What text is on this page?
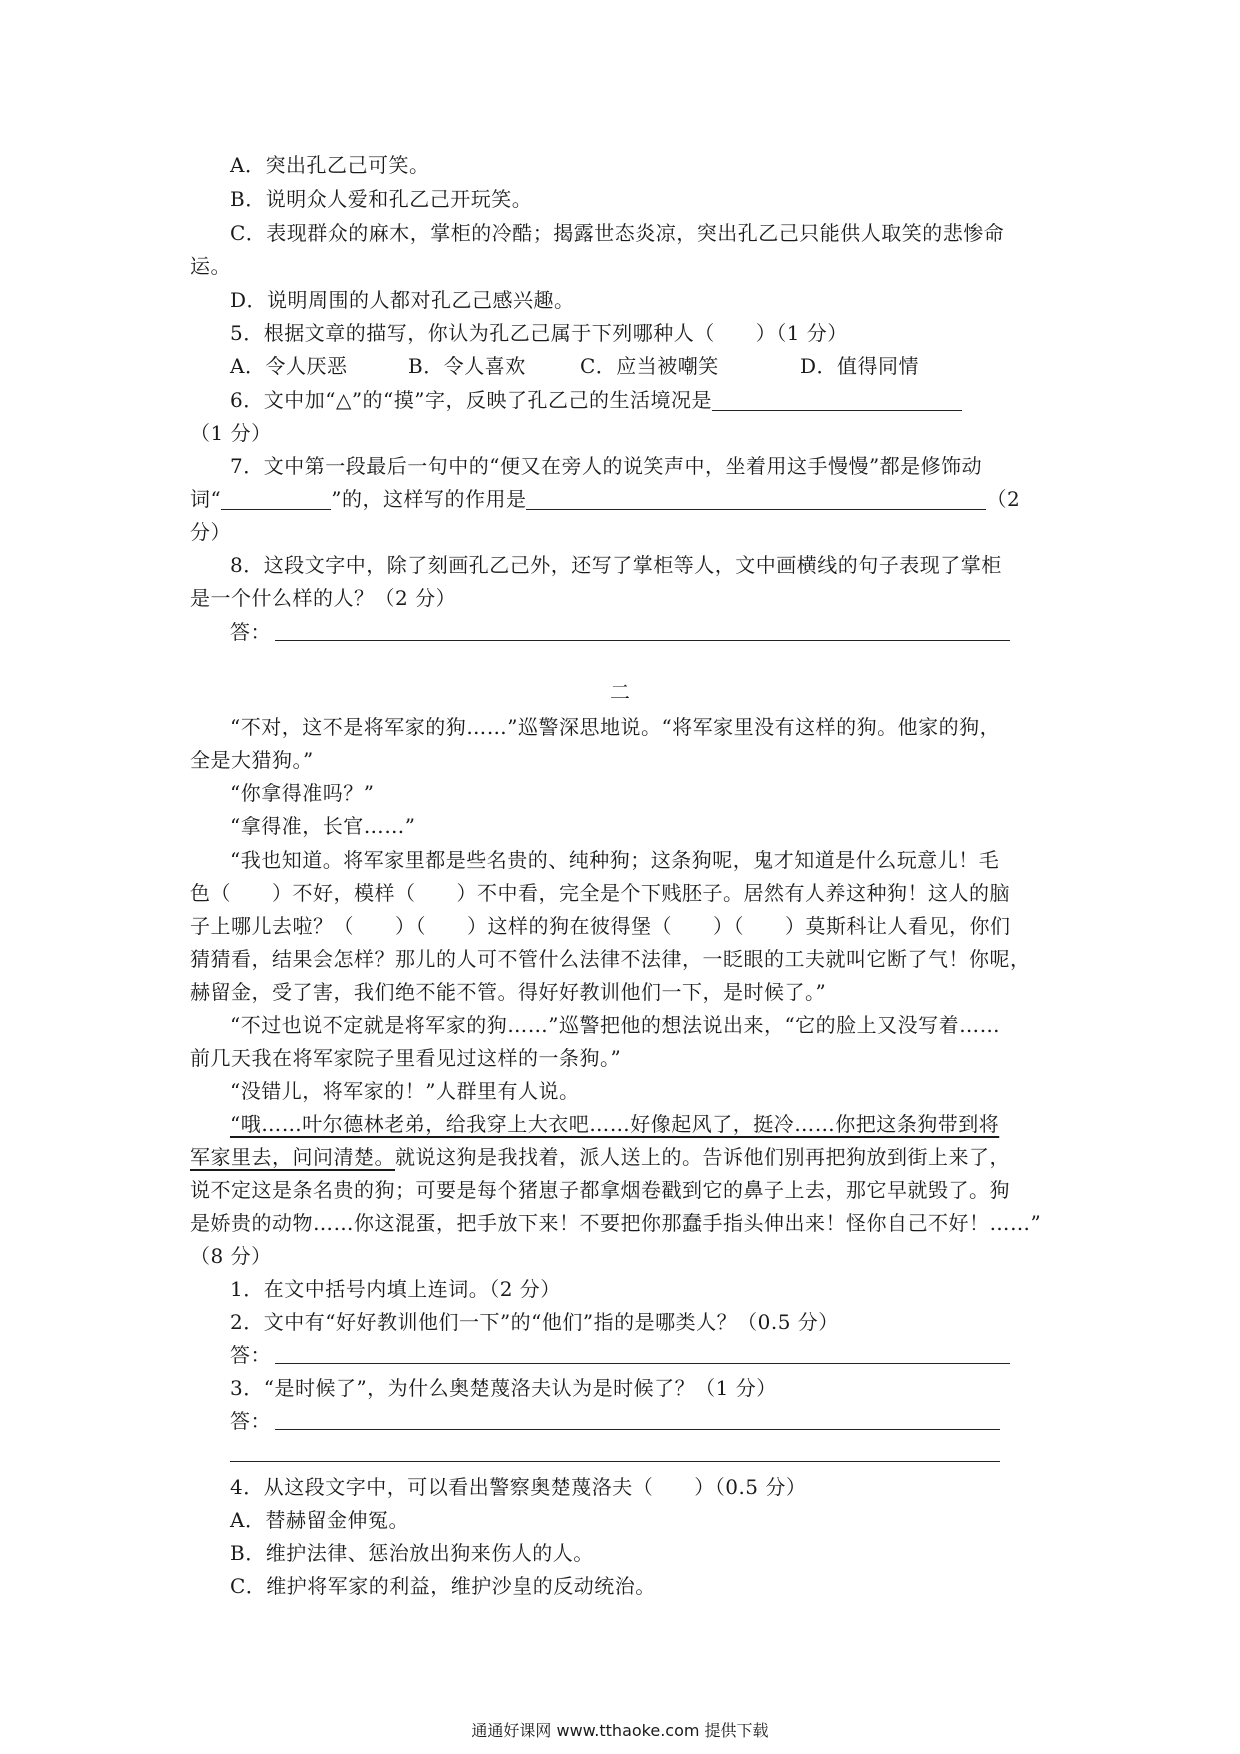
A．突出孔乙己可笑。
B．说明众人爱和孔乙己开玩笑。
C．表现群众的麻木，掌柜的冷酷；揭露世态炎凉，突出孔乙己只能供人取笑的悲惨命
运。
D．说明周围的人都对孔乙己感兴趣。
5．根据文章的描写，你认为孔乙己属于下列哪种人（　　）（1 分）
A．令人厌恶	B．令人喜欢	C．应当被嘲笑	D．值得同情
6．文中加“△”的“摸”字，反映了孔乙己的生活境况是
（1 分）
7．文中第一段最后一句中的“便又在旁人的说笑声中，坐着用这手慢慢”都是修饰动
词“	”的，这样写的作用是	（2
分）
8．这段文字中，除了刻画孔乙己外，还写了掌柜等人，文中画横线的句子表现了掌柜
是一个什么样的人？（2 分）
答：
二
“不对，这不是将军家的狗……”巡警深思地说。“将军家里没有这样的狗。他家的狗，
全是大猎狗。”
“你拿得准吗？”
“拿得准，长官……”
“我也知道。将军家里都是些名贵的、纯种狗；这条狗呢，鬼才知道是什么玩意儿！毛
色（　　）不好，模样（　　）不中看，完全是个下贱胚子。居然有人养这种狗！这人的脑
子上哪儿去啦？（　　）（　　）这样的狗在彼得堡（　　）（　　）莫斯科让人看见，你们
猜猜看，结果会怎样？那儿的人可不管什么法律不法律，一眨眼的工夫就叫它断了气！你呢，
赫留金，受了害，我们绝不能不管。得好好教训他们一下，是时候了。”
“不过也说不定就是将军家的狗……”巡警把他的想法说出来，“它的脸上又没写着……
前几天我在将军家院子里看见过这样的一条狗。”
“没错儿，将军家的！”人群里有人说。
“哦……叶尔德林老弟，给我穿上大衣吧……好像起风了，挺冷……你把这条狗带到将
军家里去，问问清楚。就说这狗是我找着，派人送上的。告诉他们别再把狗放到街上来了，
说不定这是条名贵的狗；可要是每个猪崽子都拿烟卷戳到它的鼻子上去，那它早就毁了。狗
是娇贵的动物……你这混蛋，把手放下来！不要把你那蠢手指头伸出来！怪你自己不好！……”
（8 分）
1．在文中括号内填上连词。（2 分）
2．文中有“好好教训他们一下”的“他们”指的是哪类人？（0.5 分）
答：
3．“是时候了”，为什么奥楚蔑洛夫认为是时候了？（1 分）
答：
4．从这段文字中，可以看出警察奥楚蔑洛夫（　　）（0.5 分）
A．替赫留金伸冤。
B．维护法律、惩治放出狗来伤人的人。
C．维护将军家的利益，维护沙皇的反动统治。
通通好课网 www.tthaoke.com 提供下载
